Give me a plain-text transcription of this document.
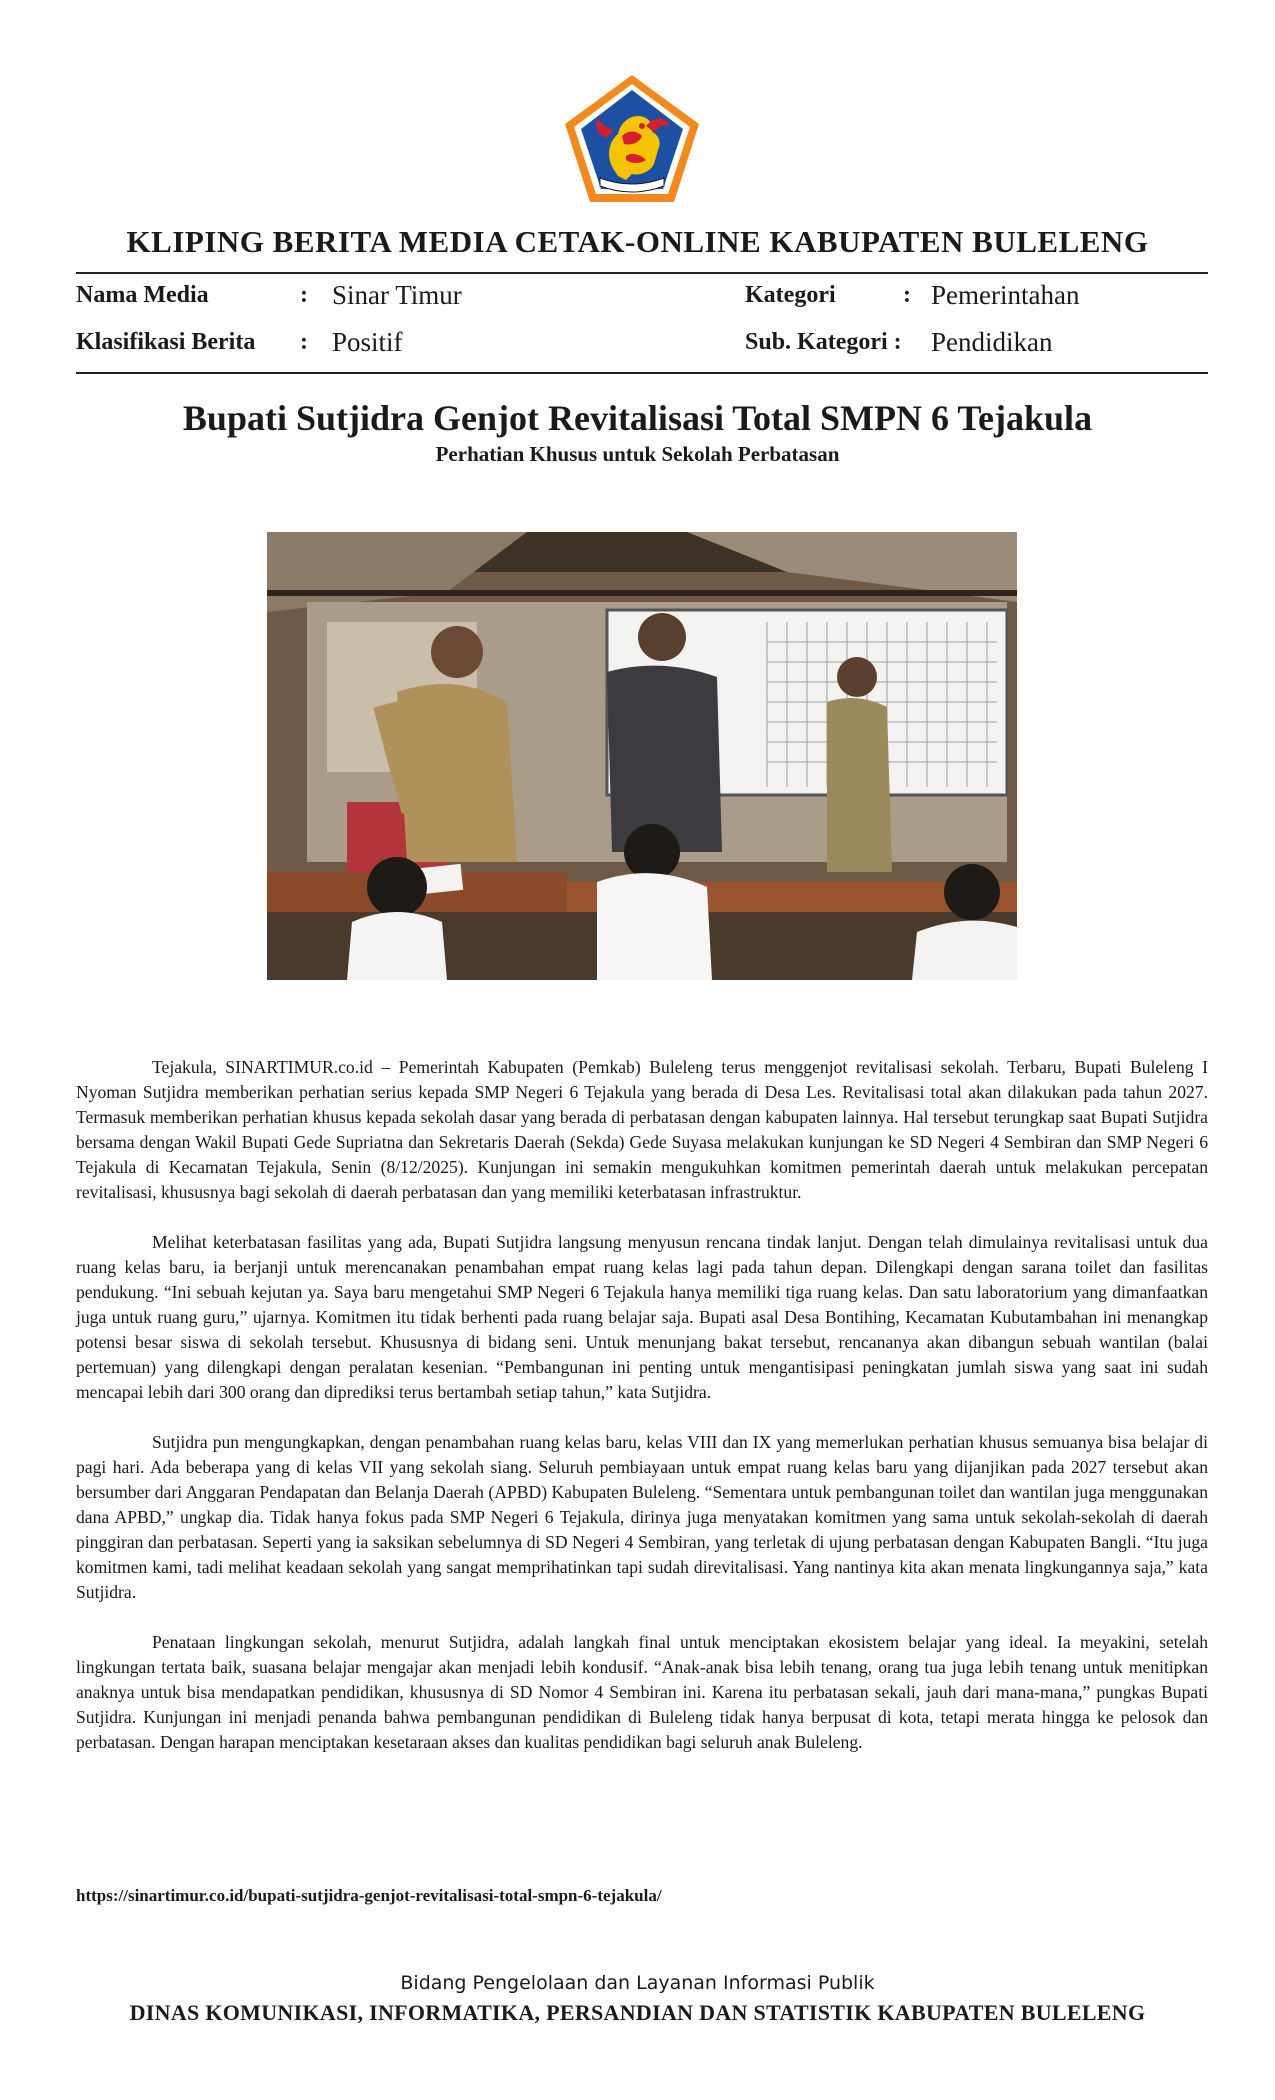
KLIPING BERITA MEDIA CETAK-ONLINE KABUPATEN BULELENG
Nama Media	: Sinar Timur
Klasifikasi Berita : Positif
Kategori	: Pemerintahan
Sub. Kategori : Pendidikan
Bupati Sutjidra Genjot Revitalisasi Total SMPN 6 Tejakula
Perhatian Khusus untuk Sekolah Perbatasan

Tejakula, SINARTIMUR.co.id – Pemerintah Kabupaten (Pemkab) Buleleng terus menggenjot revitalisasi sekolah. Terbaru, Bupati Buleleng I Nyoman Sutjidra memberikan perhatian serius kepada SMP Negeri 6 Tejakula yang berada di Desa Les. Revitalisasi total akan dilakukan pada tahun 2027. Termasuk memberikan perhatian khusus kepada sekolah dasar yang berada di perbatasan dengan kabupaten lainnya. Hal tersebut terungkap saat Bupati Sutjidra bersama dengan Wakil Bupati Gede Supriatna dan Sekretaris Daerah (Sekda) Gede Suyasa melakukan kunjungan ke SD Negeri 4 Sembiran dan SMP Negeri 6 Tejakula di Kecamatan Tejakula, Senin (8/12/2025). Kunjungan ini semakin mengukuhkan komitmen pemerintah daerah untuk melakukan percepatan revitalisasi, khususnya bagi sekolah di daerah perbatasan dan yang memiliki keterbatasan infrastruktur.

Melihat keterbatasan fasilitas yang ada, Bupati Sutjidra langsung menyusun rencana tindak lanjut. Dengan telah dimulainya revitalisasi untuk dua ruang kelas baru, ia berjanji untuk merencanakan penambahan empat ruang kelas lagi pada tahun depan. Dilengkapi dengan sarana toilet dan fasilitas pendukung. “Ini sebuah kejutan ya. Saya baru mengetahui SMP Negeri 6 Tejakula hanya memiliki tiga ruang kelas. Dan satu laboratorium yang dimanfaatkan juga untuk ruang guru,” ujarnya. Komitmen itu tidak berhenti pada ruang belajar saja. Bupati asal Desa Bontihing, Kecamatan Kubutambahan ini menangkap potensi besar siswa di sekolah tersebut. Khususnya di bidang seni. Untuk menunjang bakat tersebut, rencananya akan dibangun sebuah wantilan (balai pertemuan) yang dilengkapi dengan peralatan kesenian. “Pembangunan ini penting untuk mengantisipasi peningkatan jumlah siswa yang saat ini sudah mencapai lebih dari 300 orang dan diprediksi terus bertambah setiap tahun,” kata Sutjidra.

Sutjidra pun mengungkapkan, dengan penambahan ruang kelas baru, kelas VIII dan IX yang memerlukan perhatian khusus semuanya bisa belajar di pagi hari. Ada beberapa yang di kelas VII yang sekolah siang. Seluruh pembiayaan untuk empat ruang kelas baru yang dijanjikan pada 2027 tersebut akan bersumber dari Anggaran Pendapatan dan Belanja Daerah (APBD) Kabupaten Buleleng. “Sementara untuk pembangunan toilet dan wantilan juga menggunakan dana APBD,” ungkap dia. Tidak hanya fokus pada SMP Negeri 6 Tejakula, dirinya juga menyatakan komitmen yang sama untuk sekolah-sekolah di daerah pinggiran dan perbatasan. Seperti yang ia saksikan sebelumnya di SD Negeri 4 Sembiran, yang terletak di ujung perbatasan dengan Kabupaten Bangli. “Itu juga komitmen kami, tadi melihat keadaan sekolah yang sangat memprihatinkan tapi sudah direvitalisasi. Yang nantinya kita akan menata lingkungannya saja,” kata Sutjidra.

Penataan lingkungan sekolah, menurut Sutjidra, adalah langkah final untuk menciptakan ekosistem belajar yang ideal. Ia meyakini, setelah lingkungan tertata baik, suasana belajar mengajar akan menjadi lebih kondusif. “Anak-anak bisa lebih tenang, orang tua juga lebih tenang untuk menitipkan anaknya untuk bisa mendapatkan pendidikan, khususnya di SD Nomor 4 Sembiran ini. Karena itu perbatasan sekali, jauh dari mana-mana,” pungkas Bupati Sutjidra. Kunjungan ini menjadi penanda bahwa pembangunan pendidikan di Buleleng tidak hanya berpusat di kota, tetapi merata hingga ke pelosok dan perbatasan. Dengan harapan menciptakan kesetaraan akses dan kualitas pendidikan bagi seluruh anak Buleleng.

https://sinartimur.co.id/bupati-sutjidra-genjot-revitalisasi-total-smpn-6-tejakula/
Bidang Pengelolaan dan Layanan Informasi Publik
DINAS KOMUNIKASI, INFORMATIKA, PERSANDIAN DAN STATISTIK KABUPATEN BULELENG
